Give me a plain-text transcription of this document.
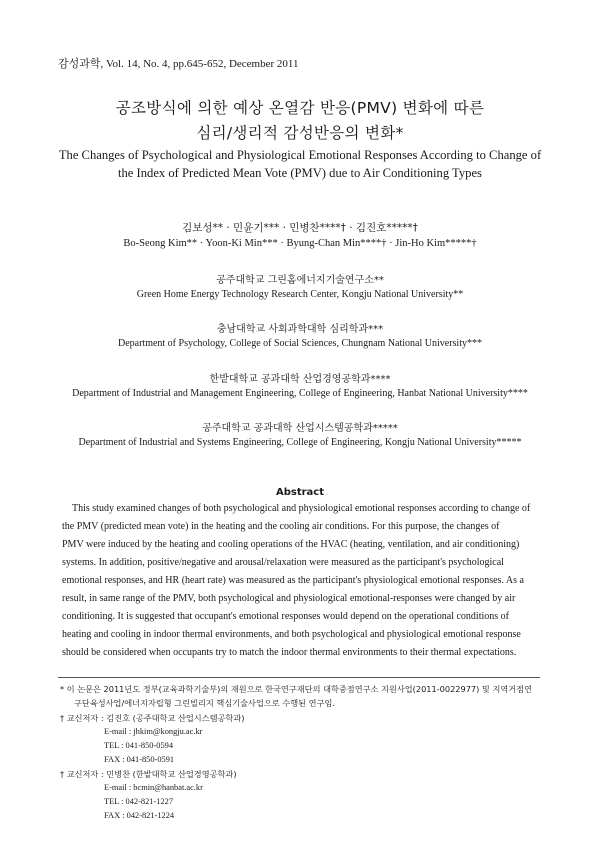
감성과학, Vol. 14, No. 4, pp.645-652, December 2011
공조방식에 의한 예상 온열감 반응(PMV) 변화에 따른
심리/생리적 감성반응의 변화*
The Changes of Psychological and Physiological Emotional Responses According to Change of
the Index of Predicted Mean Vote (PMV) due to Air Conditioning Types
김보성** · 민윤기*** · 민병찬****† · 김진호*****†
Bo-Seong Kim** · Yoon-Ki Min*** · Byung-Chan Min****† · Jin-Ho Kim*****†
공주대학교 그린홈에너지기술연구소**
Green Home Energy Technology Research Center, Kongju National University**
충남대학교 사회과학대학 심리학과***
Department of Psychology, College of Social Sciences, Chungnam National University***
한밭대학교 공과대학 산업경영공학과****
Department of Industrial and Management Engineering, College of Engineering, Hanbat National University****
공주대학교 공과대학 산업시스템공학과*****
Department of Industrial and Systems Engineering, College of Engineering, Kongju National University*****
Abstract
This study examined changes of both psychological and physiological emotional responses according to change of
the PMV (predicted mean vote) in the heating and the cooling air conditions. For this purpose, the changes of
PMV were induced by the heating and cooling operations of the HVAC (heating, ventilation, and air conditioning)
systems. In addition, positive/negative and arousal/relaxation were measured as the participant's psychological
emotional responses, and HR (heart rate) was measured as the participant's physiological emotional responses. As a
result, in same range of the PMV, both psychological and physiological emotional-responses were changed by air
conditioning. It is suggested that occupant's emotional responses would depend on the operational conditions of
heating and cooling in indoor thermal environments, and both psychological and physiological emotional response
should be considered when occupants try to match the indoor thermal environments to their thermal expectations.
* 이 논문은 2011년도 정부(교육과학기술부)의 재원으로 한국연구재단의 대학중점연구소 지원사업(2011-0022977) 및 지역거점연
구단육성사업/에너지자립형 그린빌리지 핵심기술사업으로 수행된 연구임.
† 교신저자 : 김진호 (공주대학교 산업시스템공학과)
E-mail : jhkim@kongju.ac.kr
TEL : 041-850-0594
FAX : 041-850-0591
† 교신저자 : 민병찬 (한밭대학교 산업경영공학과)
E-mail : bcmin@hanbat.ac.kr
TEL : 042-821-1227
FAX : 042-821-1224
